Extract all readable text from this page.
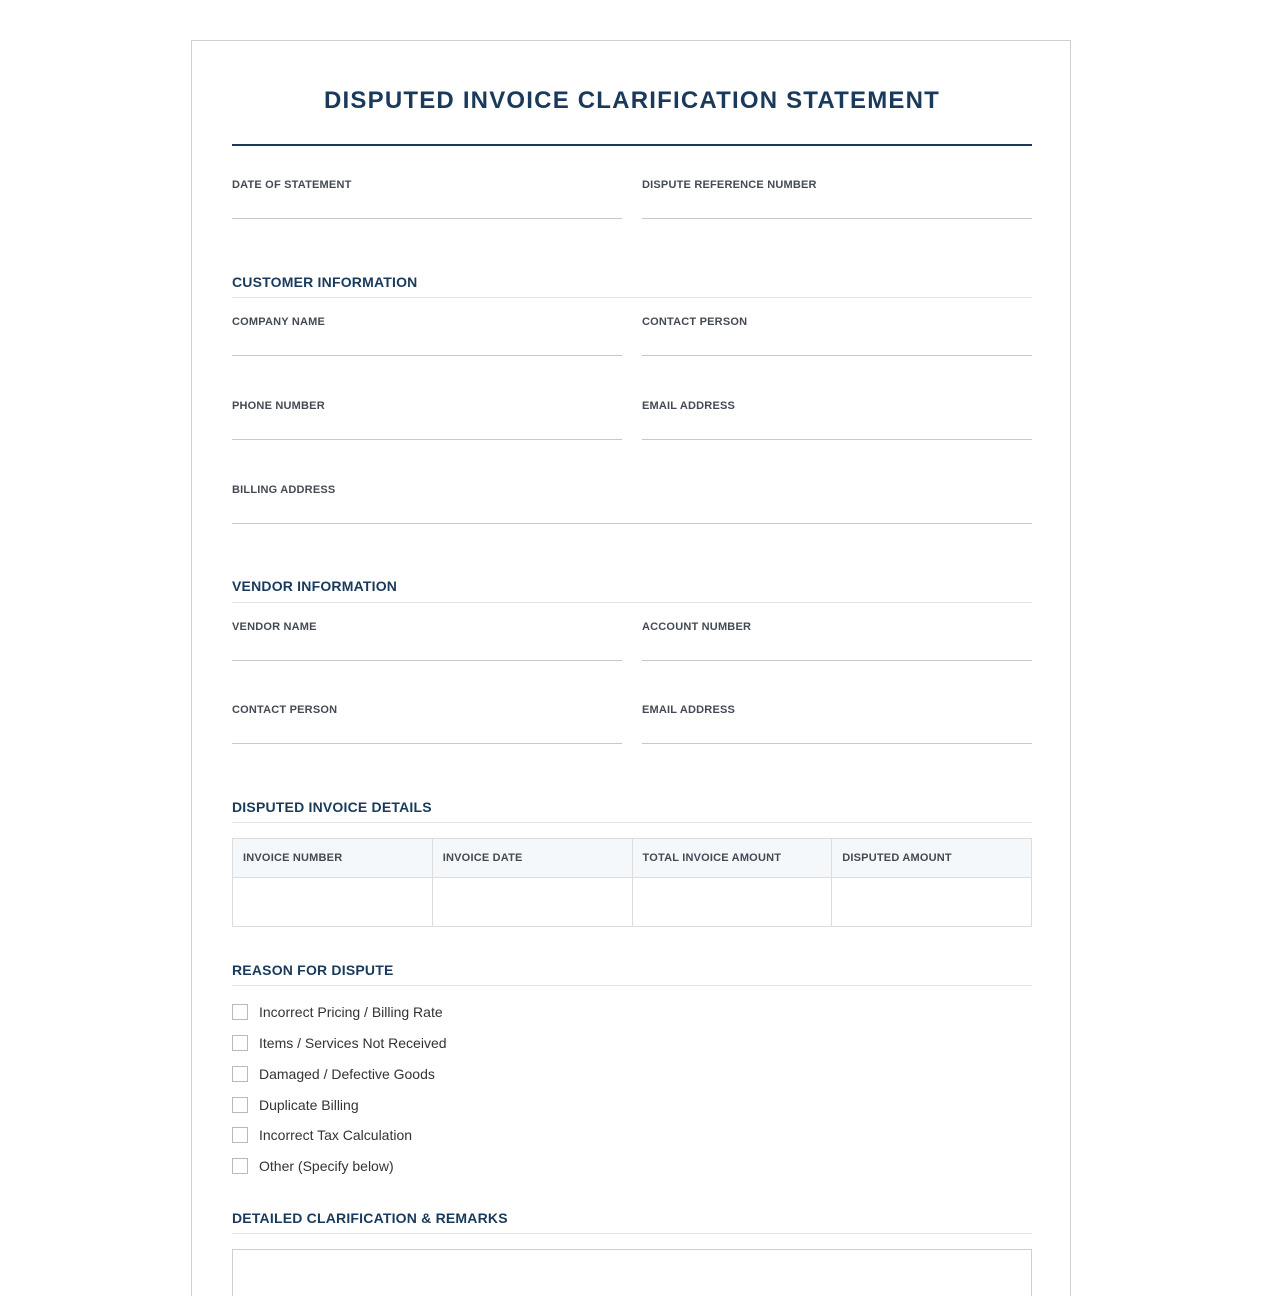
DISPUTED INVOICE CLARIFICATION STATEMENT
DATE OF STATEMENT	DISPUTE REFERENCE NUMBER
CUSTOMER INFORMATION
COMPANY NAME	CONTACT PERSON
PHONE NUMBER	EMAIL ADDRESS
BILLING ADDRESS
VENDOR INFORMATION
VENDOR NAME	ACCOUNT NUMBER
CONTACT PERSON	EMAIL ADDRESS
DISPUTED INVOICE DETAILS
INVOICE NUMBER	INVOICE DATE	TOTAL INVOICE AMOUNT	DISPUTED AMOUNT

REASON FOR DISPUTE
Incorrect Pricing / Billing Rate
Items / Services Not Received
Damaged / Defective Goods
Duplicate Billing
Incorrect Tax Calculation
Other (Specify below)
DETAILED CLARIFICATION & REMARKS
